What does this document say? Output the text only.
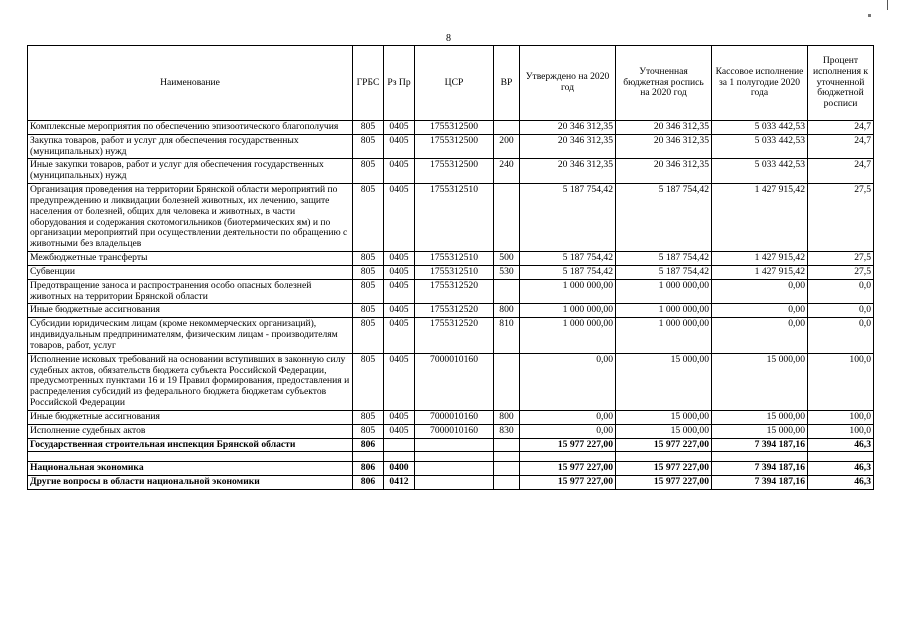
8
Наименование	ГРБС	Рз Пр	ЦСР	ВР	Утверждено на 2020 год	Уточненная бюджетная роспись на 2020 год	Кассовое исполнение за 1 полугодие 2020 года	Процент исполнения к уточненной бюджетной росписи
Комплексные мероприятия по обеспечению эпизоотического благополучия	805	0405	1755312500		20 346 312,35	20 346 312,35	5 033 442,53	24,7
Закупка товаров, работ и услуг для обеспечения государственных (муниципальных) нужд	805	0405	1755312500	200	20 346 312,35	20 346 312,35	5 033 442,53	24,7
Иные закупки товаров, работ и услуг для обеспечения государственных (муниципальных) нужд	805	0405	1755312500	240	20 346 312,35	20 346 312,35	5 033 442,53	24,7
Организация проведения на территории Брянской области мероприятий по предупреждению и ликвидации болезней животных, их лечению, защите населения от болезней, общих для человека и животных, в части оборудования и содержания скотомогильников (биотермических ям) и по организации мероприятий при осуществлении деятельности по обращению с животными без владельцев	805	0405	1755312510		5 187 754,42	5 187 754,42	1 427 915,42	27,5
Межбюджетные трансферты	805	0405	1755312510	500	5 187 754,42	5 187 754,42	1 427 915,42	27,5
Субвенции	805	0405	1755312510	530	5 187 754,42	5 187 754,42	1 427 915,42	27,5
Предотвращение заноса и распространения особо опасных болезней животных на территории Брянской области	805	0405	1755312520		1 000 000,00	1 000 000,00	0,00	0,0
Иные бюджетные ассигнования	805	0405	1755312520	800	1 000 000,00	1 000 000,00	0,00	0,0
Субсидии юридическим лицам (кроме некоммерческих организаций), индивидуальным предпринимателям, физическим лицам - производителям товаров, работ, услуг	805	0405	1755312520	810	1 000 000,00	1 000 000,00	0,00	0,0
Исполнение исковых требований на основании вступивших в законную силу судебных актов, обязательств бюджета субъекта Российской Федерации, предусмотренных пунктами 16 и 19 Правил формирования, предоставления и распределения субсидий из федерального бюджета бюджетам субъектов Российской Федерации	805	0405	7000010160		0,00	15 000,00	15 000,00	100,0
Иные бюджетные ассигнования	805	0405	7000010160	800	0,00	15 000,00	15 000,00	100,0
Исполнение судебных актов	805	0405	7000010160	830	0,00	15 000,00	15 000,00	100,0
Государственная строительная инспекция Брянской области	806				15 977 227,00	15 977 227,00	7 394 187,16	46,3

Национальная экономика	806	0400			15 977 227,00	15 977 227,00	7 394 187,16	46,3
Другие вопросы в области национальной экономики	806	0412			15 977 227,00	15 977 227,00	7 394 187,16	46,3
